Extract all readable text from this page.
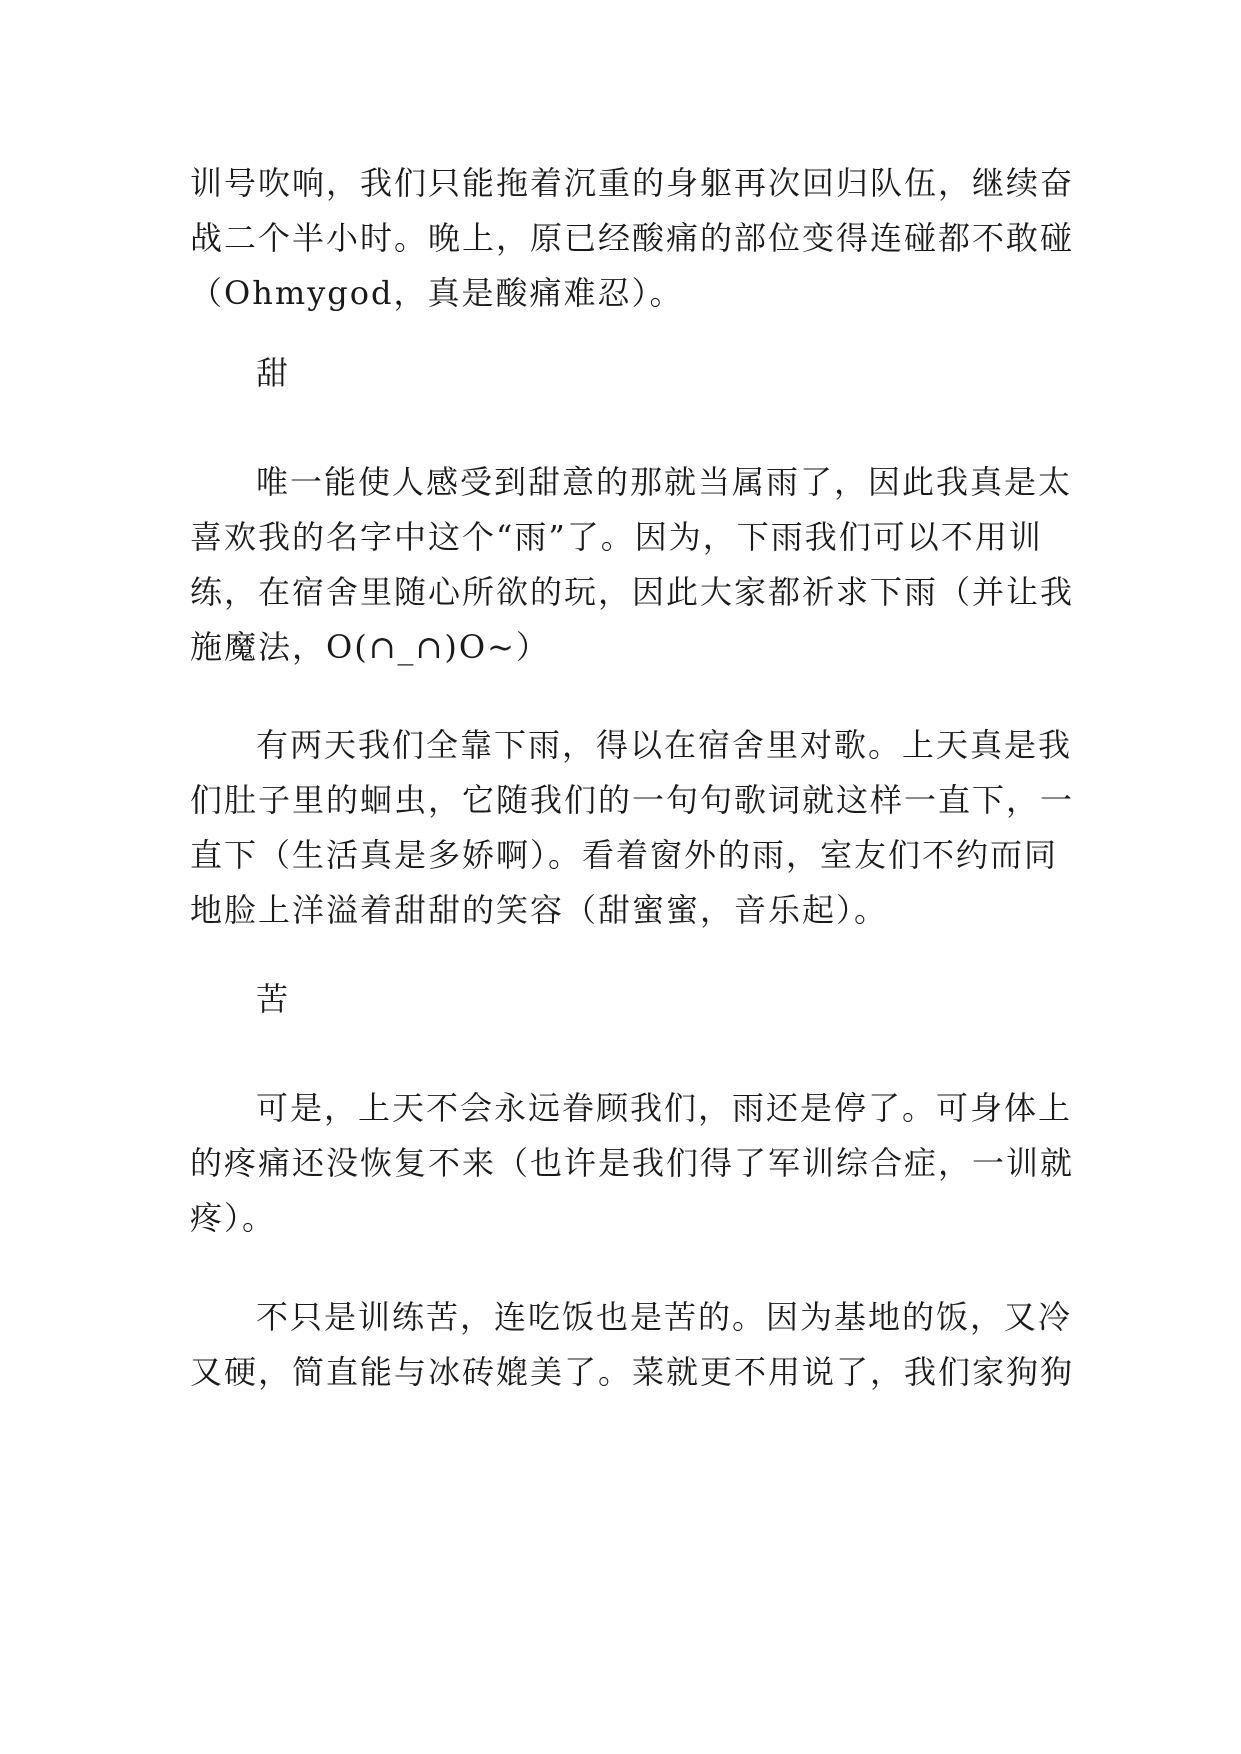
训号吹响，我们只能拖着沉重的身躯再次回归队伍，继续奋
战二个半小时。晚上，原已经酸痛的部位变得连碰都不敢碰
（Ohmygod，真是酸痛难忍）。
甜
唯一能使人感受到甜意的那就当属雨了，因此我真是太
喜欢我的名字中这个“雨”了。因为，下雨我们可以不用训
练，在宿舍里随心所欲的玩，因此大家都祈求下雨（并让我
施魔法，O(∩_∩)O~）
有两天我们全靠下雨，得以在宿舍里对歌。上天真是我
们肚子里的蛔虫，它随我们的一句句歌词就这样一直下，一
直下（生活真是多娇啊）。看着窗外的雨，室友们不约而同
地脸上洋溢着甜甜的笑容（甜蜜蜜，音乐起）。
苦
可是，上天不会永远眷顾我们，雨还是停了。可身体上
的疼痛还没恢复不来（也许是我们得了军训综合症，一训就
疼）。
不只是训练苦，连吃饭也是苦的。因为基地的饭，又冷
又硬，简直能与冰砖媲美了。菜就更不用说了，我们家狗狗
